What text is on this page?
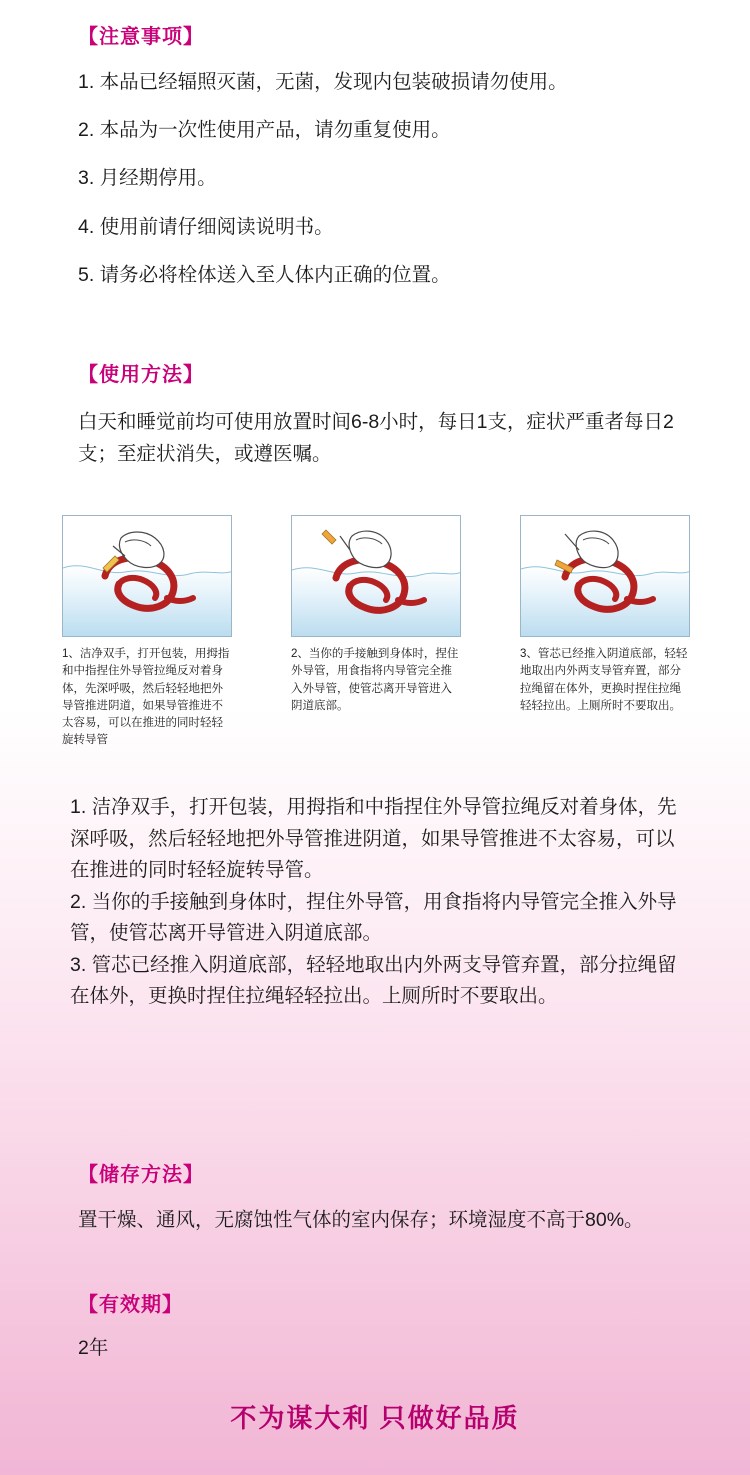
【注意事项】
1. 本品已经辐照灭菌，无菌，发现内包装破损请勿使用。
2. 本品为一次性使用产品，请勿重复使用。
3. 月经期停用。
4. 使用前请仔细阅读说明书。
5. 请务必将栓体送入至人体内正确的位置。
【使用方法】
白天和睡觉前均可使用放置时间6-8小时，每日1支，症状严重者每日2支；至症状消失，或遵医嘱。
1、洁净双手，打开包装，用拇指和中指捏住外导管拉绳反对着身体，先深呼吸，然后轻轻地把外导管推进阴道，如果导管推进不太容易，可以在推进的同时轻轻旋转导管
2、当你的手接触到身体时，捏住外导管，用食指将内导管完全推入外导管，使管芯离开导管进入阴道底部。
3、管芯已经推入阴道底部，轻轻地取出内外两支导管弃置，部分拉绳留在体外，更换时捏住拉绳轻轻拉出。上厕所时不要取出。
1. 洁净双手，打开包装，用拇指和中指捏住外导管拉绳反对着身体，先深呼吸，然后轻轻地把外导管推进阴道，如果导管推进不太容易，可以在推进的同时轻轻旋转导管。
2. 当你的手接触到身体时，捏住外导管，用食指将内导管完全推入外导管，使管芯离开导管进入阴道底部。
3. 管芯已经推入阴道底部，轻轻地取出内外两支导管弃置，部分拉绳留在体外，更换时捏住拉绳轻轻拉出。上厕所时不要取出。
【储存方法】
置干燥、通风，无腐蚀性气体的室内保存；环境湿度不高于80%。
【有效期】
2年
不为谋大利 只做好品质
